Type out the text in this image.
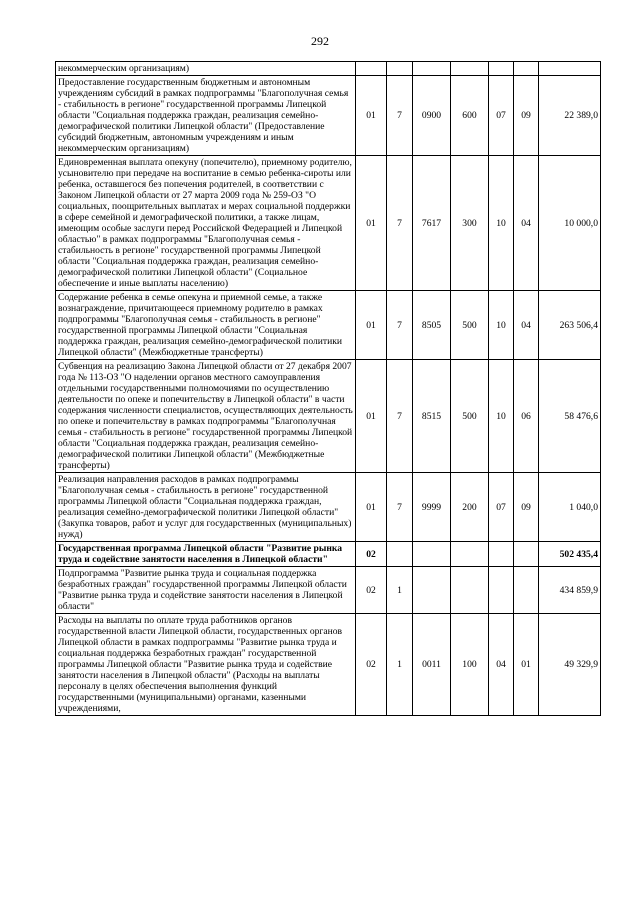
292
некоммерческим организациям)							
Предоставление государственным бюджетным и автономным учреждениям субсидий в рамках подпрограммы "Благополучная семья - стабильность в регионе" государственной программы Липецкой области "Социальная поддержка граждан, реализация семейно-демографической политики Липецкой области" (Предоставление субсидий бюджетным, автономным учреждениям и иным некоммерческим организациям)	01	7	0900	600	07	09	22 389,0
Единовременная выплата опекуну (попечителю), приемному родителю, усыновителю при передаче на воспитание в семью ребенка-сироты или ребенка, оставшегося без попечения родителей, в соответствии с Законом Липецкой области от 27 марта 2009 года № 259-ОЗ "О социальных, поощрительных выплатах и мерах социальной поддержки в сфере семейной и демографической политики, а также лицам, имеющим особые заслуги перед Российской Федерацией и Липецкой областью" в рамках подпрограммы "Благополучная семья - стабильность в регионе" государственной программы Липецкой области "Социальная поддержка граждан, реализация семейно-демографической политики Липецкой области" (Социальное обеспечение и иные выплаты населению)	01	7	7617	300	10	04	10 000,0
Содержание ребенка в семье опекуна и приемной семье, а также вознаграждение, причитающееся приемному родителю в рамках подпрограммы "Благополучная семья - стабильность в регионе" государственной программы Липецкой области "Социальная поддержка граждан, реализация семейно-демографической политики Липецкой области" (Межбюджетные трансферты)	01	7	8505	500	10	04	263 506,4
Субвенция на реализацию Закона Липецкой области от 27 декабря 2007 года № 113-ОЗ "О наделении органов местного самоуправления отдельными государственными полномочиями по осуществлению деятельности по опеке и попечительству в Липецкой области" в части содержания численности специалистов, осуществляющих деятельность по опеке и попечительству в рамках подпрограммы "Благополучная семья - стабильность в регионе" государственной программы Липецкой области "Социальная поддержка граждан, реализация семейно-демографической политики Липецкой области" (Межбюджетные трансферты)	01	7	8515	500	10	06	58 476,6
Реализация направления расходов в рамках подпрограммы "Благополучная семья - стабильность в регионе" государственной программы Липецкой области "Социальная поддержка граждан, реализация семейно-демографической политики Липецкой области" (Закупка товаров, работ и услуг для государственных (муниципальных) нужд)	01	7	9999	200	07	09	1 040,0
Государственная программа Липецкой области "Развитие рынка труда и содействие занятости населения в Липецкой области"	02						502 435,4
Подпрограмма "Развитие рынка труда и социальная поддержка безработных граждан" государственной программы Липецкой области "Развитие рынка труда и содействие занятости населения в Липецкой области"	02	1					434 859,9
Расходы на выплаты по оплате труда работников органов государственной власти Липецкой области, государственных органов Липецкой области в рамках подпрограммы "Развитие рынка труда и социальная поддержка безработных граждан" государственной программы Липецкой области "Развитие рынка труда и содействие занятости населения в Липецкой области" (Расходы на выплаты персоналу в целях обеспечения выполнения функций государственными (муниципальными) органами, казенными учреждениями,	02	1	0011	100	04	01	49 329,9
